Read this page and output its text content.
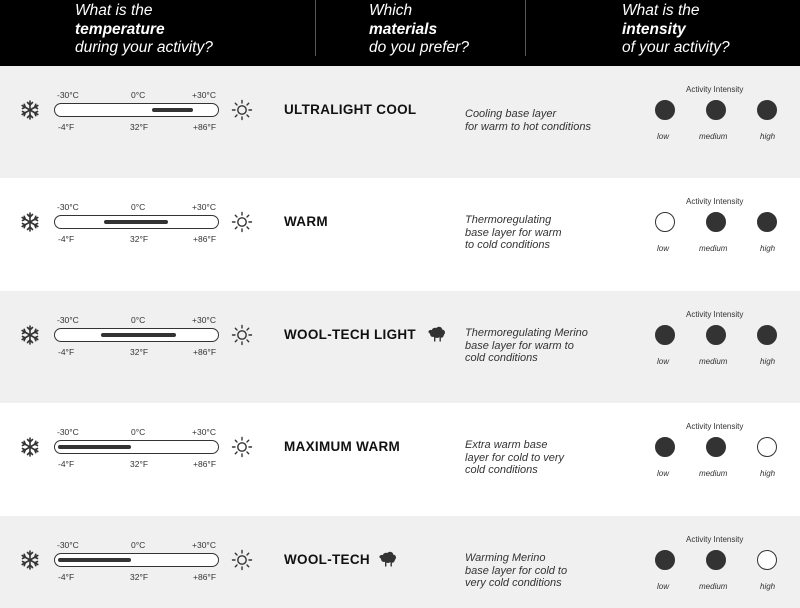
What is the
temperature
during your activity?
Which
materials
do you prefer?
What is the
intensity
of your activity?
-30°C	0°C	+30°C
-4°F	32°F	+86°F
ULTRALIGHT COOL	Cooling base layer
for warm to hot conditions
Activity Intensity
low	medium	high
-30°C	0°C	+30°C
-4°F	32°F	+86°F
WARM	Thermoregulating
base layer for warm
to cold conditions
Activity Intensity
low	medium	high
-30°C	0°C	+30°C
-4°F	32°F	+86°F
WOOL-TECH LIGHT	Thermoregulating Merino
base layer for warm to
cold conditions
Activity Intensity
low	medium	high
-30°C	0°C	+30°C
-4°F	32°F	+86°F
MAXIMUM WARM	Extra warm base
layer for cold to very
cold conditions
Activity Intensity
low	medium	high
-30°C	0°C	+30°C
-4°F	32°F	+86°F
WOOL-TECH	Warming Merino
base layer for cold to
very cold conditions
Activity Intensity
low	medium	high
